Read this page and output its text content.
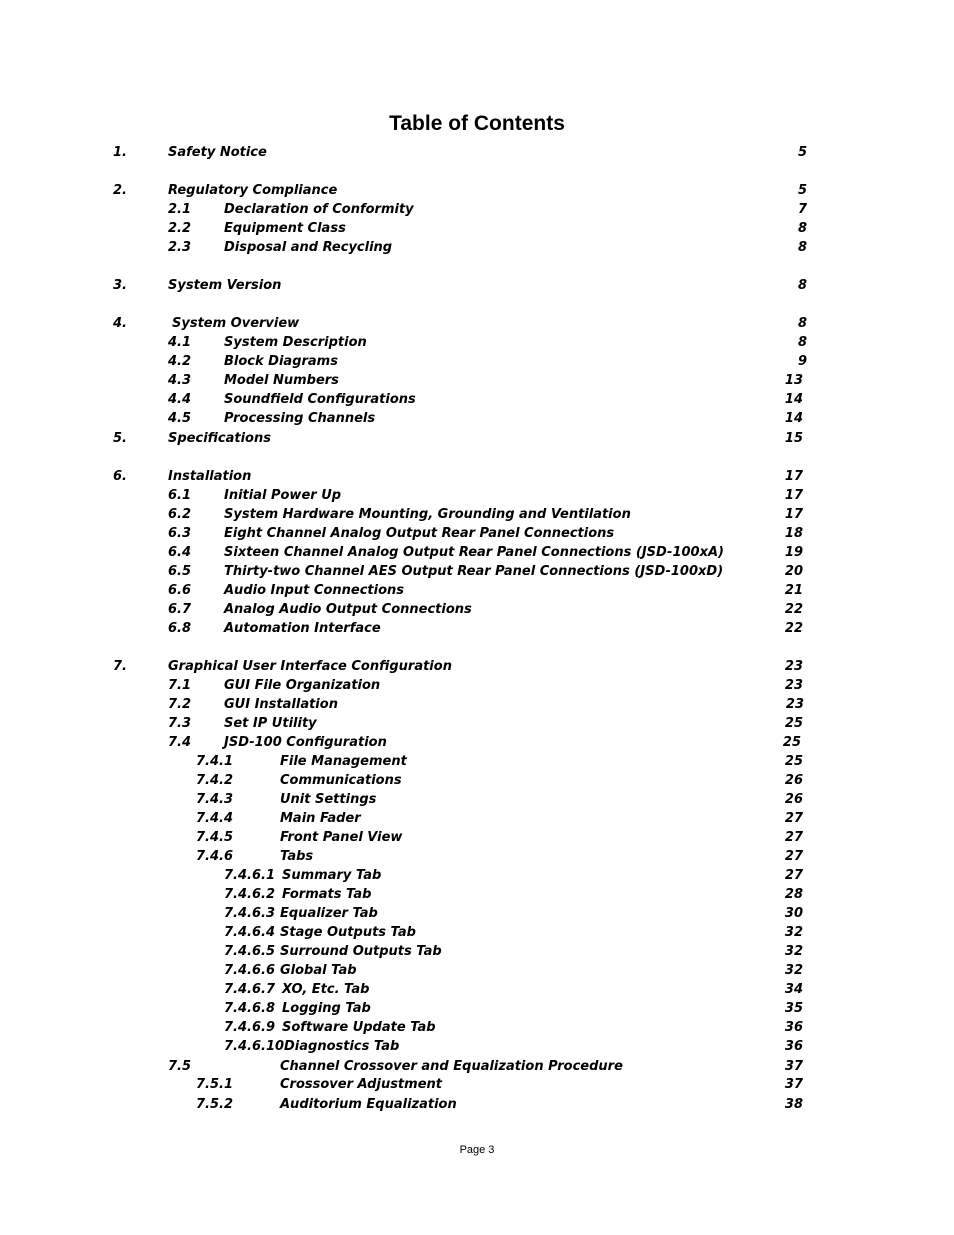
Table of Contents
1.	Safety Notice	5
2.	Regulatory Compliance	5
2.1	Declaration of Conformity	7
2.2	Equipment Class	8
2.3	Disposal and Recycling	8
3.	System Version	8
4.	System Overview	8
4.1	System Description	8
4.2	Block Diagrams	9
4.3	Model Numbers	13
4.4	Soundfield Configurations	14
4.5	Processing Channels	14
5.	Specifications	15
6.	Installation	17
6.1	Initial Power Up	17
6.2	System Hardware Mounting, Grounding and Ventilation	17
6.3	Eight Channel Analog Output Rear Panel Connections	18
6.4	Sixteen Channel Analog Output Rear Panel Connections (JSD-100xA)	19
6.5	Thirty-two Channel AES Output Rear Panel Connections (JSD-100xD)	20
6.6	Audio Input Connections	21
6.7	Analog Audio Output Connections	22
6.8	Automation Interface	22
7.	Graphical User Interface Configuration	23
7.1	GUI File Organization	23
7.2	GUI Installation	23
7.3	Set IP Utility	25
7.4	JSD-100 Configuration	25
7.4.1	File Management	25
7.4.2	Communications	26
7.4.3	Unit Settings	26
7.4.4	Main Fader	27
7.4.5	Front Panel View	27
7.4.6	Tabs	27
7.4.6.1 Summary Tab	27
7.4.6.2 Formats Tab	28
7.4.6.3 Equalizer Tab	30
7.4.6.4 Stage Outputs Tab	32
7.4.6.5 Surround Outputs Tab	32
7.4.6.6 Global Tab	32
7.4.6.7 XO, Etc. Tab	34
7.4.6.8 Logging Tab	35
7.4.6.9 Software Update Tab	36
7.4.6.10 Diagnostics Tab	36
7.5	Channel Crossover and Equalization Procedure	37
7.5.1	Crossover Adjustment	37
7.5.2	Auditorium Equalization	38
Page 3
